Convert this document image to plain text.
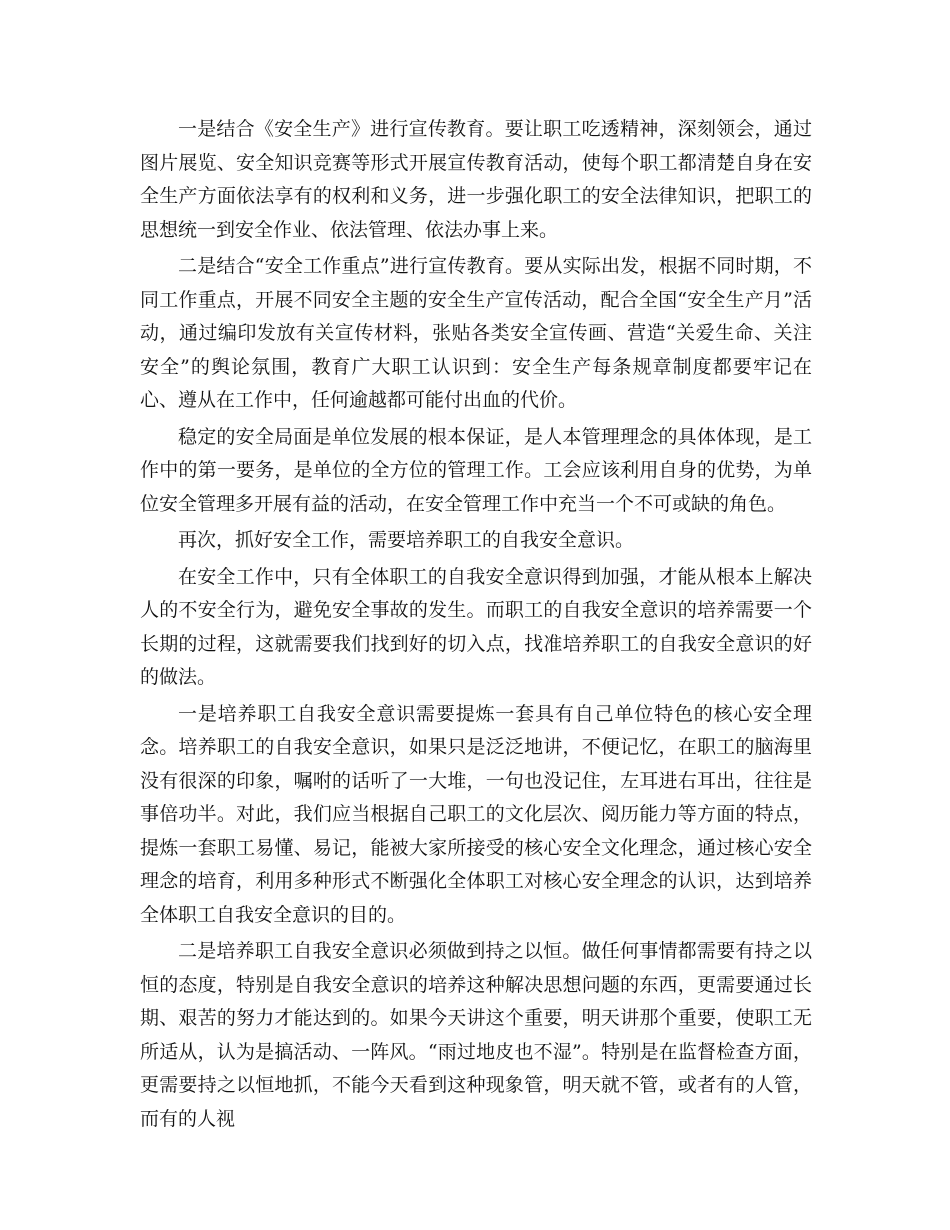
一是结合《安全生产》进行宣传教育。要让职工吃透精神，深刻领会，通过图片展览、安全知识竞赛等形式开展宣传教育活动，使每个职工都清楚自身在安全生产方面依法享有的权利和义务，进一步强化职工的安全法律知识，把职工的思想统一到安全作业、依法管理、依法办事上来。

二是结合“安全工作重点”进行宣传教育。要从实际出发，根据不同时期，不同工作重点，开展不同安全主题的安全生产宣传活动，配合全国“安全生产月”活动，通过编印发放有关宣传材料，张贴各类安全宣传画、营造“关爱生命、关注安全”的舆论氛围，教育广大职工认识到：安全生产每条规章制度都要牢记在心、遵从在工作中，任何逾越都可能付出血的代价。

稳定的安全局面是单位发展的根本保证，是人本管理理念的具体体现，是工作中的第一要务，是单位的全方位的管理工作。工会应该利用自身的优势，为单位安全管理多开展有益的活动，在安全管理工作中充当一个不可或缺的角色。

再次，抓好安全工作，需要培养职工的自我安全意识。

在安全工作中，只有全体职工的自我安全意识得到加强，才能从根本上解决人的不安全行为，避免安全事故的发生。而职工的自我安全意识的培养需要一个长期的过程，这就需要我们找到好的切入点，找准培养职工的自我安全意识的好的做法。

一是培养职工自我安全意识需要提炼一套具有自己单位特色的核心安全理念。培养职工的自我安全意识，如果只是泛泛地讲，不便记忆，在职工的脑海里没有很深的印象，嘱咐的话听了一大堆，一句也没记住，左耳进右耳出，往往是事倍功半。对此，我们应当根据自己职工的文化层次、阅历能力等方面的特点，提炼一套职工易懂、易记，能被大家所接受的核心安全文化理念，通过核心安全理念的培育，利用多种形式不断强化全体职工对核心安全理念的认识，达到培养全体职工自我安全意识的目的。

二是培养职工自我安全意识必须做到持之以恒。做任何事情都需要有持之以恒的态度，特别是自我安全意识的培养这种解决思想问题的东西，更需要通过长期、艰苦的努力才能达到的。如果今天讲这个重要，明天讲那个重要，使职工无所适从，认为是搞活动、一阵风。“雨过地皮也不湿”。特别是在监督检查方面，更需要持之以恒地抓，不能今天看到这种现象管，明天就不管，或者有的人管，而有的人视
